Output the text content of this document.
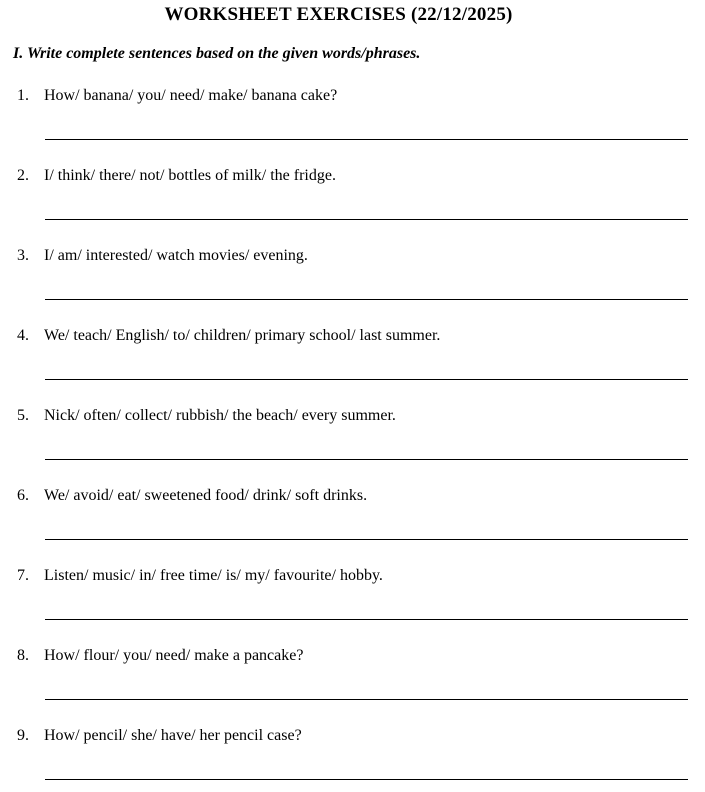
WORKSHEET EXERCISES (22/12/2025)
I. Write complete sentences based on the given words/phrases.
1. How/ banana/ you/ need/ make/ banana cake?
2. I/ think/ there/ not/ bottles of milk/ the fridge.
3. I/ am/ interested/ watch movies/ evening.
4. We/ teach/ English/ to/ children/ primary school/ last summer.
5. Nick/ often/ collect/ rubbish/ the beach/ every summer.
6. We/ avoid/ eat/ sweetened food/ drink/ soft drinks.
7. Listen/ music/ in/ free time/ is/ my/ favourite/ hobby.
8. How/ flour/ you/ need/ make a pancake?
9. How/ pencil/ she/ have/ her pencil case?
